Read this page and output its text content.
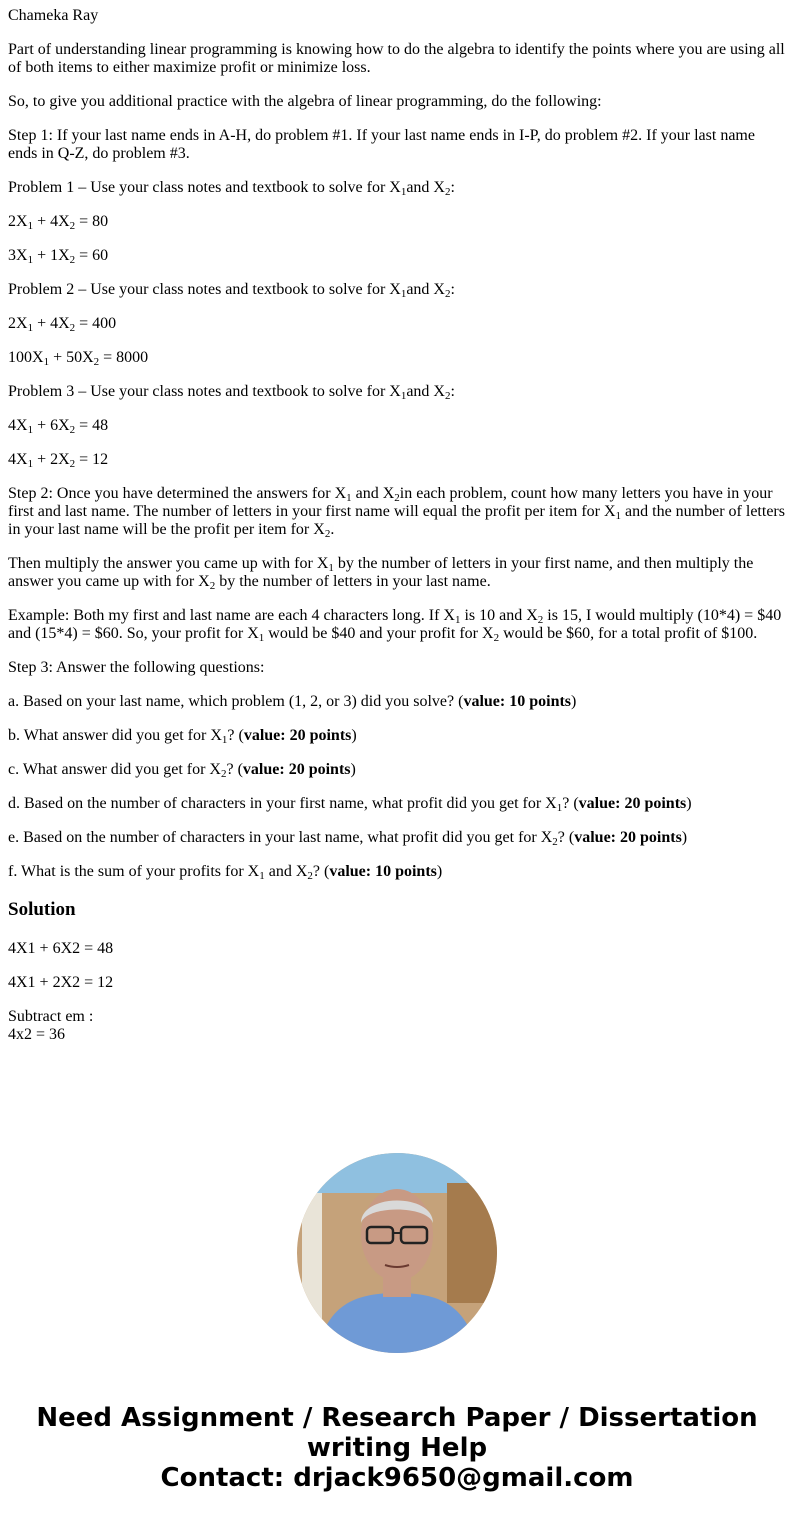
Chameka Ray

Part of understanding linear programming is knowing how to do the algebra to identify the points where you are using all of both items to either maximize profit or minimize loss.

So, to give you additional practice with the algebra of linear programming, do the following:

Step 1: If your last name ends in A-H, do problem #1. If your last name ends in I-P, do problem #2. If your last name ends in Q-Z, do problem #3.

Problem 1 – Use your class notes and textbook to solve for $X_1and$ $X_2$:

$2X_1 + 4X_2 = 80$

$3X_1 + 1X_2 = 60$

Problem 2 – Use your class notes and textbook to solve for $X_1and$ $X_2$:

$2X_1 + 4X_2 = 400$

$100X_1 + 50X_2 = 8000$

Problem 3 – Use your class notes and textbook to solve for $X_1and$ $X_2$:

$4X_1 + 6X_2 = 48$

$4X_1 + 2X_2 = 12$

Step 2: Once you have determined the answers for $X_1$ and $X_2in$ each problem, count how many letters you have in your first and last name. The number of letters in your first name will equal the profit per item for $X_1$ and the number of letters in your last name will be the profit per item for $X_2$.

Then multiply the answer you came up with for $X_1$ by the number of letters in your first name, and then multiply the answer you came up with for $X_2$ by the number of letters in your last name.

Example: Both my first and last name are each 4 characters long. If $X_1$ is 10 and $X_2$ is 15, I would multiply (10*4) = $40 and (15*4) = $60. So, your profit for $X_1$ would be $40 and your profit for $X_2$ would be $60, for a total profit of $100.

Step 3: Answer the following questions:

a. Based on your last name, which problem (1, 2, or 3) did you solve? (value: 10 points)

b. What answer did you get for $X_1$? (value: 20 points)

c. What answer did you get for $X_2$? (value: 20 points)

d. Based on the number of characters in your first name, what profit did you get for $X_1$? (value: 20 points)

e. Based on the number of characters in your last name, what profit did you get for $X_2$? (value: 20 points)

f. What is the sum of your profits for $X_1$ and $X_2$? (value: 10 points)

Solution

4X1 + 6X2 = 48

4X1 + 2X2 = 12

Subtract em :

4x2 = 36

Need Assignment / Research Paper / Dissertation
writing Help
Contact: drjack9650@gmail.com
